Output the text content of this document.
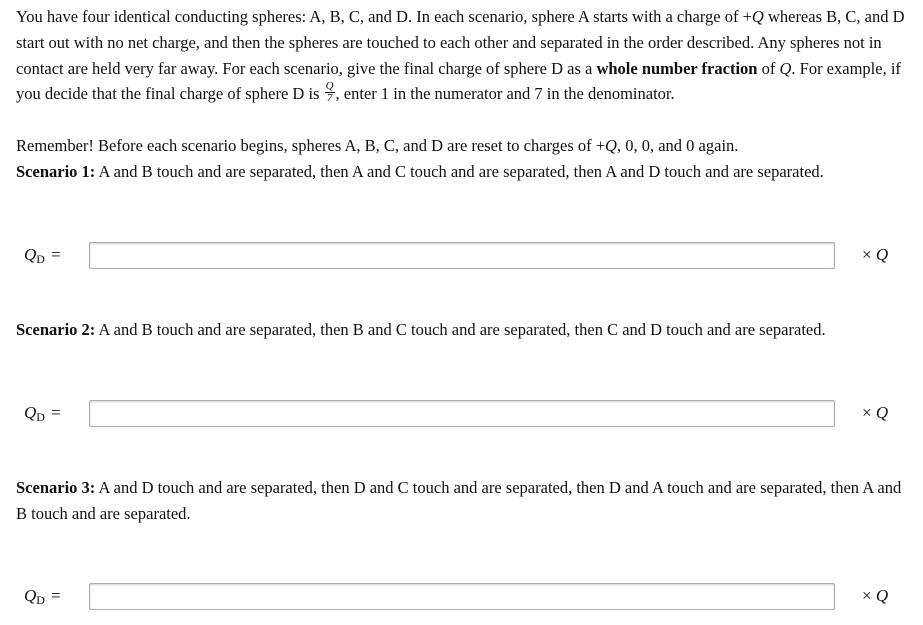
You have four identical conducting spheres: A, B, C, and D. In each scenario, sphere A starts with a charge of +Q whereas B, C, and D start out with no net charge, and then the spheres are touched to each other and separated in the order described. Any spheres not in contact are held very far away. For each scenario, give the final charge of sphere D as a whole number fraction of Q. For example, if you decide that the final charge of sphere D is $\frac{Q}{7}$ , enter 1 in the numerator and 7 in the denominator.
Remember! Before each scenario begins, spheres A, B, C, and D are reset to charges of +Q, 0, 0, and 0 again.
Scenario 1: A and B touch and are separated, then A and C touch and are separated, then A and D touch and are separated.
Scenario 2: A and B touch and are separated, then B and C touch and are separated, then C and D touch and are separated.
Scenario 3: A and D touch and are separated, then D and C touch and are separated, then D and A touch and are separated, then A and B touch and are separated.
$Q_D$ =	× Q
$Q_D$ =	× Q
$Q_D$ =	× Q
